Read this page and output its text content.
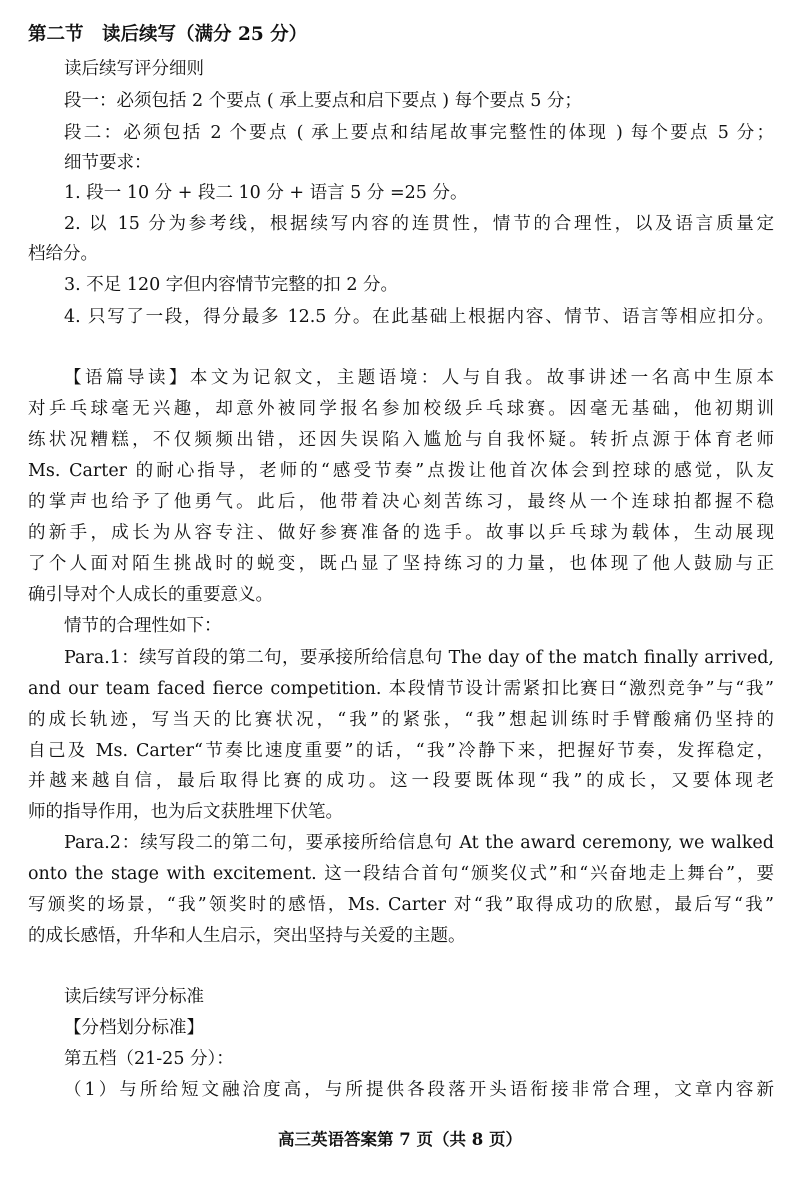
第二节　读后续写（满分 25 分）
读后续写评分细则
段一：必须包括 2 个要点 ( 承上要点和启下要点 ) 每个要点 5 分；
段二：必须包括 2 个要点 ( 承上要点和结尾故事完整性的体现 ) 每个要点 5 分；
细节要求：
1. 段一 10 分 + 段二 10 分 + 语言 5 分 =25 分。
2. 以 15 分为参考线，根据续写内容的连贯性，情节的合理性，以及语言质量定
档给分。
3. 不足 120 字但内容情节完整的扣 2 分。
4. 只写了一段，得分最多 12.5 分。在此基础上根据内容、情节、语言等相应扣分。
【语篇导读】本文为记叙文，主题语境：人与自我。故事讲述一名高中生原本
对乒乓球毫无兴趣，却意外被同学报名参加校级乒乓球赛。因毫无基础，他初期训
练状况糟糕，不仅频频出错，还因失误陷入尴尬与自我怀疑。转折点源于体育老师
Ms. Carter 的耐心指导，老师的“感受节奏”点拨让他首次体会到控球的感觉，队友
的掌声也给予了他勇气。此后，他带着决心刻苦练习，最终从一个连球拍都握不稳
的新手，成长为从容专注、做好参赛准备的选手。故事以乒乓球为载体，生动展现
了个人面对陌生挑战时的蜕变，既凸显了坚持练习的力量，也体现了他人鼓励与正
确引导对个人成长的重要意义。
情节的合理性如下：
Para.1：续写首段的第二句，要承接所给信息句 The day of the match finally arrived,
and our team faced fierce competition. 本段情节设计需紧扣比赛日“激烈竞争”与“我”
的成长轨迹，写当天的比赛状况，“我”的紧张，“我”想起训练时手臂酸痛仍坚持的
自己及 Ms. Carter“节奏比速度重要”的话，“我”冷静下来，把握好节奏，发挥稳定，
并越来越自信，最后取得比赛的成功。这一段要既体现“我”的成长，又要体现老
师的指导作用，也为后文获胜埋下伏笔。
Para.2：续写段二的第二句，要承接所给信息句 At the award ceremony, we walked
onto the stage with excitement. 这一段结合首句“颁奖仪式”和“兴奋地走上舞台”，要
写颁奖的场景，“我”领奖时的感悟，Ms. Carter 对“我”取得成功的欣慰，最后写“我”
的成长感悟，升华和人生启示，突出坚持与关爱的主题。
读后续写评分标准
【分档划分标准】
第五档（21-25 分）：
（1）与所给短文融洽度高，与所提供各段落开头语衔接非常合理，文章内容新
高三英语答案第 7 页（共 8 页）
